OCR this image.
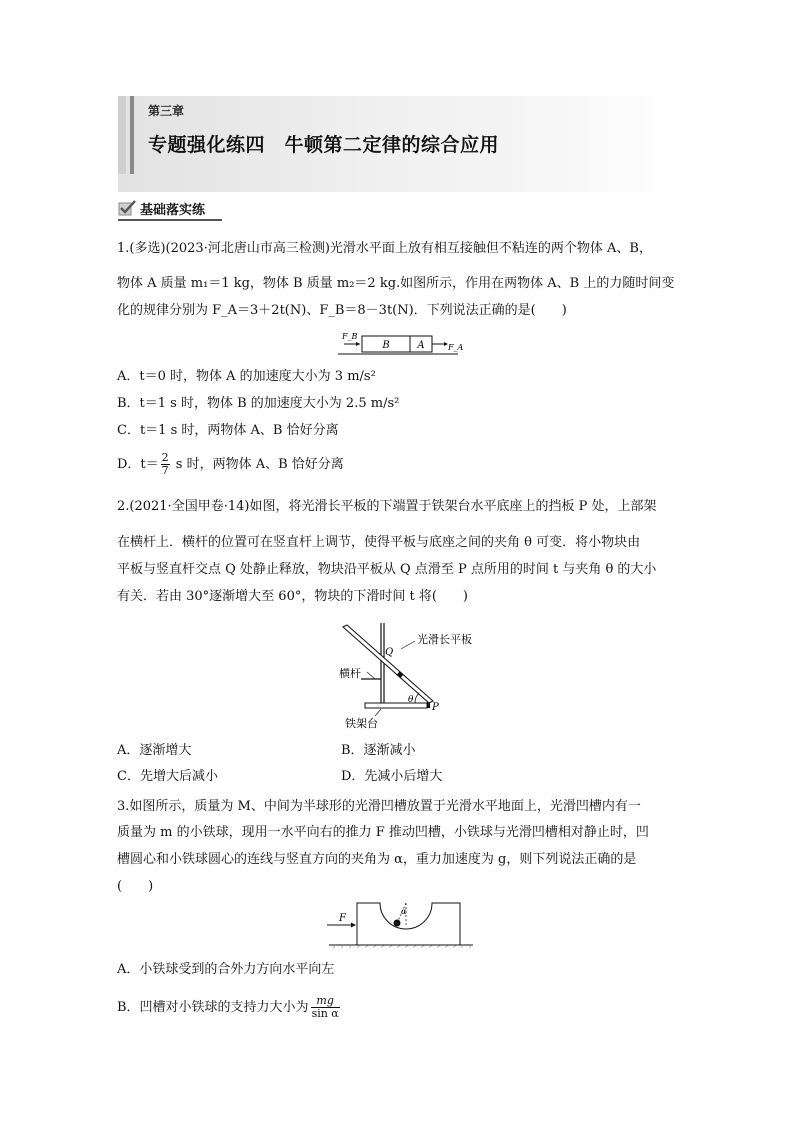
第三章
专题强化练四　牛顿第二定律的综合应用
基础落实练
1.(多选)(2023·河北唐山市高三检测)光滑水平面上放有相互接触但不粘连的两个物体 A、B，
物体 A 质量 m₁＝1 kg，物体 B 质量 m₂＝2 kg.如图所示，作用在两物体 A、B 上的力随时间变
化的规律分别为 F_A＝3＋2t(N)、F_B＝8－3t(N)．下列说法正确的是(　　)
B	A
F_B
F_A
A．t＝0 时，物体 A 的加速度大小为 3 m/s²
B．t＝1 s 时，物体 B 的加速度大小为 2.5 m/s²
C．t＝1 s 时，两物体 A、B 恰好分离
D．$t= \frac{2}{7}$ s 时，两物体 A、B 恰好分离
2.(2021·全国甲卷·14)如图，将光滑长平板的下端置于铁架台水平底座上的挡板 P 处，上部架
在横杆上．横杆的位置可在竖直杆上调节，使得平板与底座之间的夹角 θ 可变．将小物块由
平板与竖直杆交点 Q 处静止释放，物块沿平板从 Q 点滑至 P 点所用的时间 t 与夹角 θ 的大小
有关．若由 30°逐渐增大至 60°，物块的下滑时间 t 将(　　)
光滑长平板
Q
横杆
θ
P
铁架台
A．逐渐增大	B．逐渐减小
C．先增大后减小	D．先减小后增大
3.如图所示，质量为 M、中间为半球形的光滑凹槽放置于光滑水平地面上，光滑凹槽内有一
质量为 m 的小铁球，现用一水平向右的推力 F 推动凹槽，小铁球与光滑凹槽相对静止时，凹
槽圆心和小铁球圆心的连线与竖直方向的夹角为 α，重力加速度为 g，则下列说法正确的是
(　　)
α
F
A．小铁球受到的合外力方向水平向左
B．凹槽对小铁球的支持力大小为 $\frac{mg}{\text{sin α}}$
